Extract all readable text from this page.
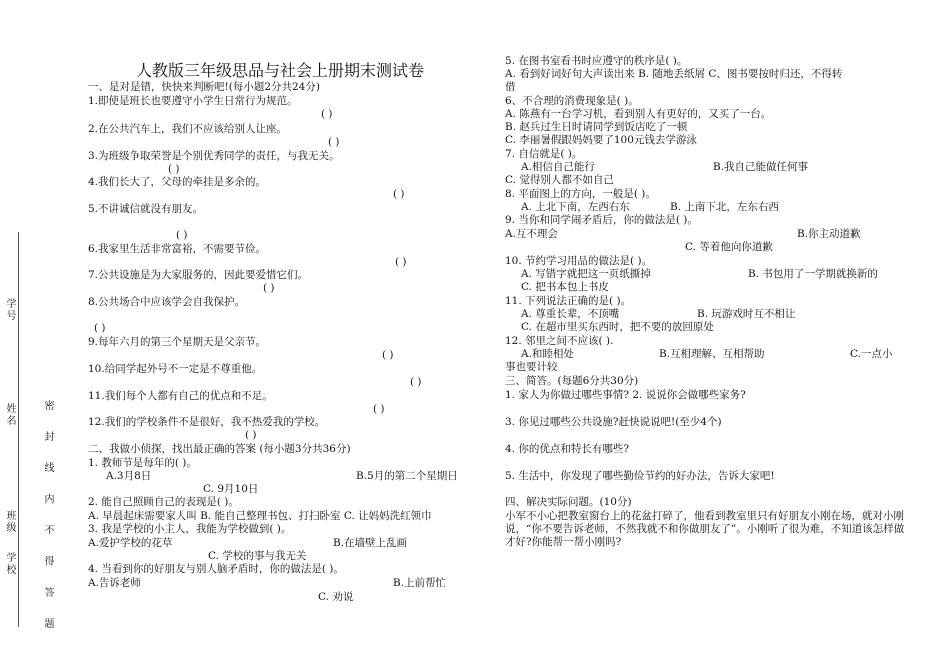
学号
姓名
班级
学校	密 封 线 内 不 得 答 题
人教版三年级思品与社会上册期末测试卷
一、是对是错，快快来判断吧!(每小题2分共24分)
1.即使是班长也要遵守小学生日常行为规范。
( )
2.在公共汽车上，我们不应该给别人让座。
( )
3.为班级争取荣誉是个别优秀同学的责任，与我无关。
( )
4.我们长大了，父母的牵挂是多余的。
( )
5.不讲诚信就没有朋友。
( )
6.我家里生活非常富裕，不需要节俭。
( )
7.公共设施是为大家服务的，因此要爱惜它们。
( )
8.公共场合中应该学会自我保护。
( )
9.每年六月的第三个星期天是父亲节。
( )
10.给同学起外号不一定是不尊重他。
( )
11.我们每个人都有自己的优点和不足。
( )
12.我们的学校条件不是很好，我不热爱我的学校。
( )
二、我做小侦探，找出最正确的答案 (每小题3分共36分)
1. 教师节是每年的( )。
A.3月8日	B.5月的第二个星期日
C. 9月10日
2. 能自己照顾自己的表现是( )。
A. 早晨起床需要家人叫 B. 能自己整理书包、打扫卧室 C. 让妈妈洗红领巾
3. 我是学校的小主人，我能为学校做到( )。
A.爱护学校的花草	B.在墙壁上乱画
C. 学校的事与我无关
4. 当看到你的好朋友与别人脑矛盾时，你的做法是( )。
A.告诉老师	B.上前帮忙
C. 劝说
5. 在图书室看书时应遵守的秩序是( )。
A. 看到好词好句大声读出来 B. 随地丢纸屑 C、图书要按时归还，不得转
借
6、不合理的消费现象是( )。
A. 陈燕有一台学习机，看到别人有更好的，又买了一台。
B. 赵兵过生日时请同学到饭店吃了一顿
C. 李丽暑假跟妈妈要了100元钱去学游泳
7. 自信就是( )。
A.相信自己能行	B.我自己能做任何事
C. 觉得别人都不如自己
8. 平面图上的方向，一般是( )。
A. 上北下南，左西右东	B. 上南下北，左东右西
9. 当你和同学闹矛盾后，你的做法是( )。
A.互不理会	B.你主动道歉
C. 等着他向你道歉
10. 节约学习用品的做法是( )。
A. 写错字就把这一页纸撕掉	B. 书包用了一学期就换新的
C. 把书本包上书皮
11. 下列说法正确的是( )。
A. 尊重长辈，不顶嘴	B. 玩游戏时互不相让
C. 在超市里买东西时，把不要的放回原处
12. 邻里之间不应该( ).
A.和睦相处	B.互相理解、互相帮助	C.一点小
事也要计较
三、简答。(每题6分共30分)
1. 家人为你做过哪些事情? 2. 说说你会做哪些家务?
3. 你见过哪些公共设施?赶快说说吧!(至少4个)
4. 你的优点和特长有哪些?
5. 生活中，你发现了哪些勤俭节约的好办法，告诉大家吧!
四、解决实际问题。(10分)
小军不小心把教室窗台上的花盆打碎了，他看到教室里只有好朋友小刚在场，就对小刚说，“你不要告诉老师，不然我就不和你做朋友了”。小刚听了很为难，不知道该怎样做才好?你能帮一帮小刚吗?
